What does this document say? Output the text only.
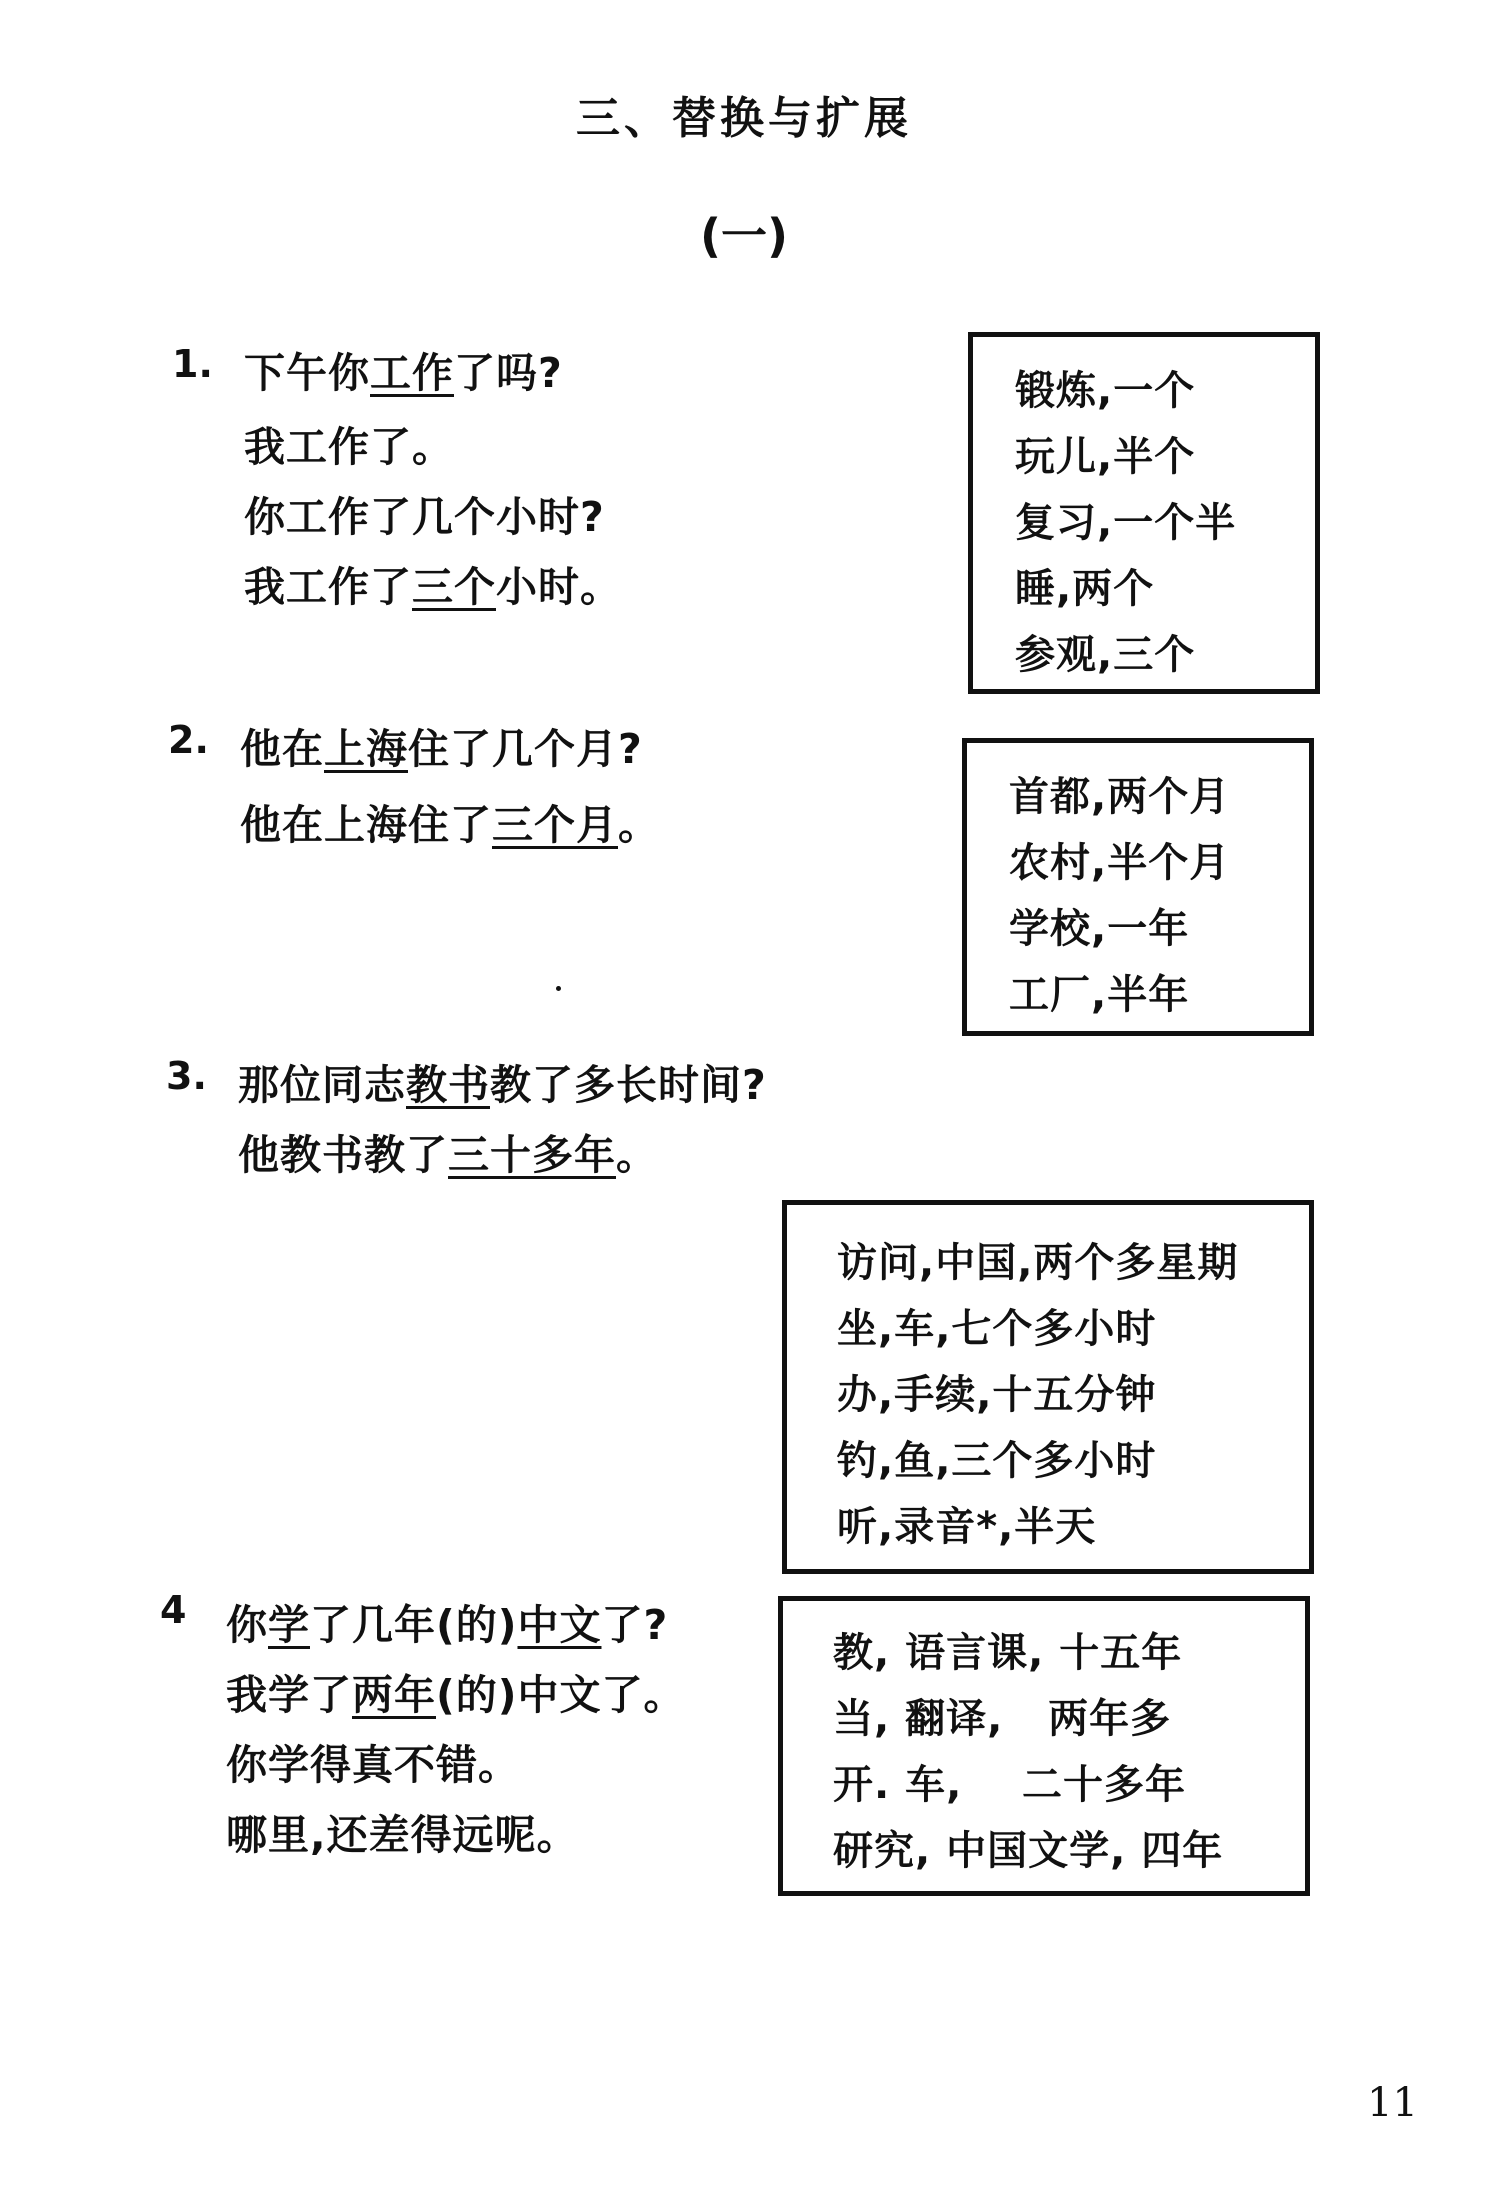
三、替换与扩展
(一)
1. 下午你工作了吗?
我工作了。
你工作了几个小时?
我工作了三个小时。
锻炼,一个
玩儿,半个
复习,一个半
睡,两个
参观,三个
2. 他在上海住了几个月?
他在上海住了三个月。
首都,两个月
农村,半个月
学校,一年
工厂,半年
3. 那位同志教书教了多长时间?
他教书教了三十多年。
访问,中国,两个多星期
坐,车,七个多小时
办,手续,十五分钟
钓,鱼,三个多小时
听,录音*,半天
4 你学了几年(的)中文了?
我学了两年(的)中文了。
你学得真不错。
哪里,还差得远呢。
教, 语言课, 十五年
当, 翻译,   两年多
开. 车,    二十多年
研究, 中国文学, 四年
11
